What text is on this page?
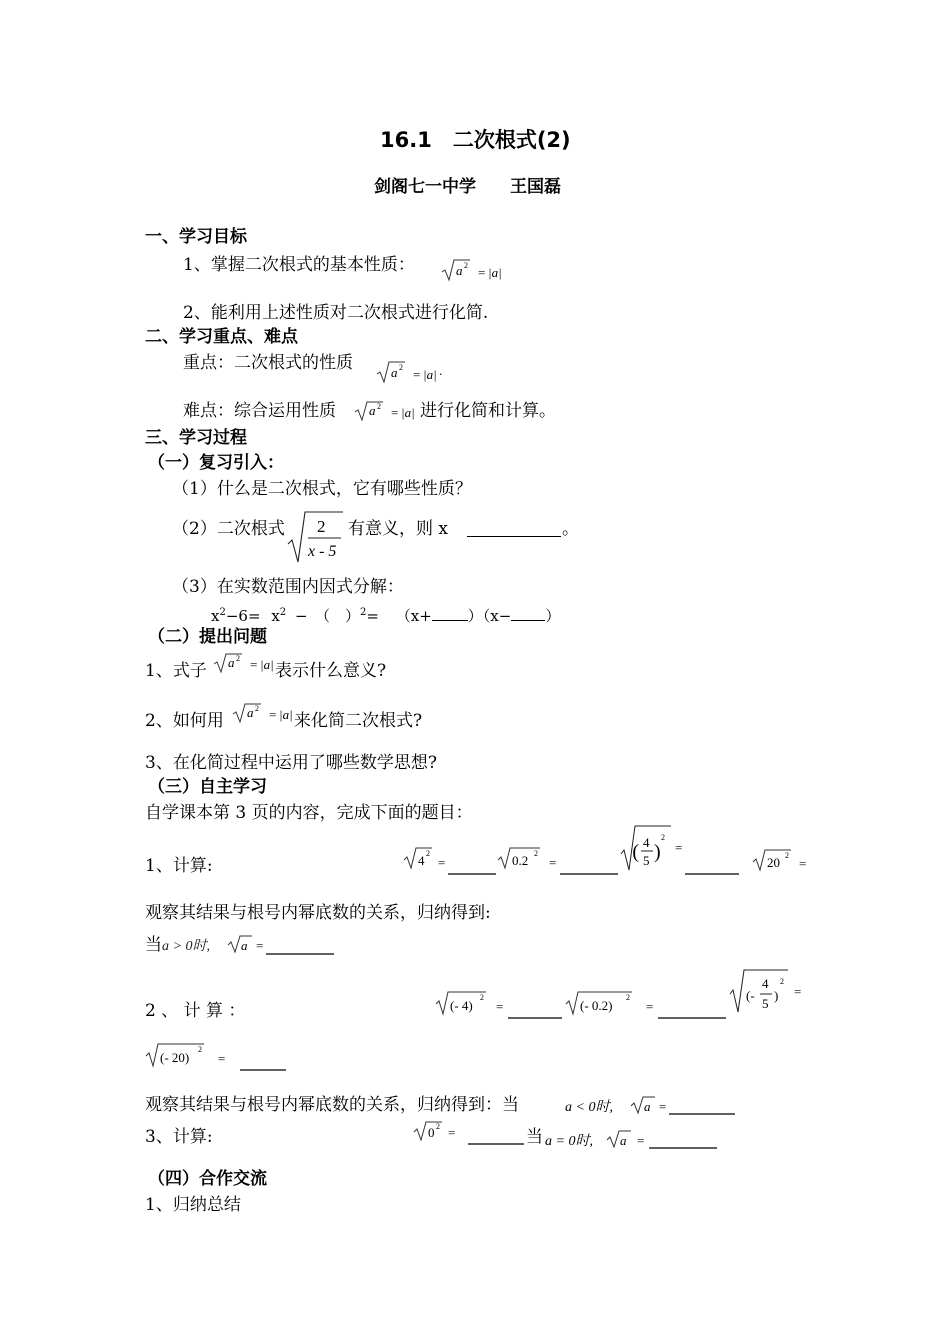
16.1　二次根式(2)
剑阁七一中学　　王国磊
一、学习目标
1、掌握二次根式的基本性质：	a 2 = |a|
2、能利用上述性质对二次根式进行化简.
二、学习重点、难点
重点：二次根式的性质	a 2 = |a| .
难点：综合运用性质	a 2 = |a| 进行化简和计算。
三、学习过程
（一）复习引入：
（1）什么是二次根式，它有哪些性质？
（2）二次根式 2
x - 5
有意义，则 x	。
（3）在实数范围内因式分解：
$x^2-6= x^2$ −　（　）$^2$= （x+ ）（x− ）
（二）提出问题
1、式子 a 2 = |a| 表示什么意义?
2、如何用 a 2 = |a| 来化简二次根式?
3、在化简过程中运用了哪些数学思想?
（三）自主学习
自学课本第 3 页的内容，完成下面的题目：
1、计算:	4 2
=	0.2 2
=	) 4
5 )
2
=
20 2
=
观察其结果与根号内幂底数的关系，归纳得到:
当a > 0时, a =
2 、 计 算 ：	(- 4)
2
=	(- 0.2)
2
=
(-
4
5
)
2
=
(- 20)
2
=
观察其结果与根号内幂底数的关系，归纳得到：当	a < 0时, a =
3、计算:	0 2 =	当 a = 0时, a =
（四）合作交流
1、归纳总结
